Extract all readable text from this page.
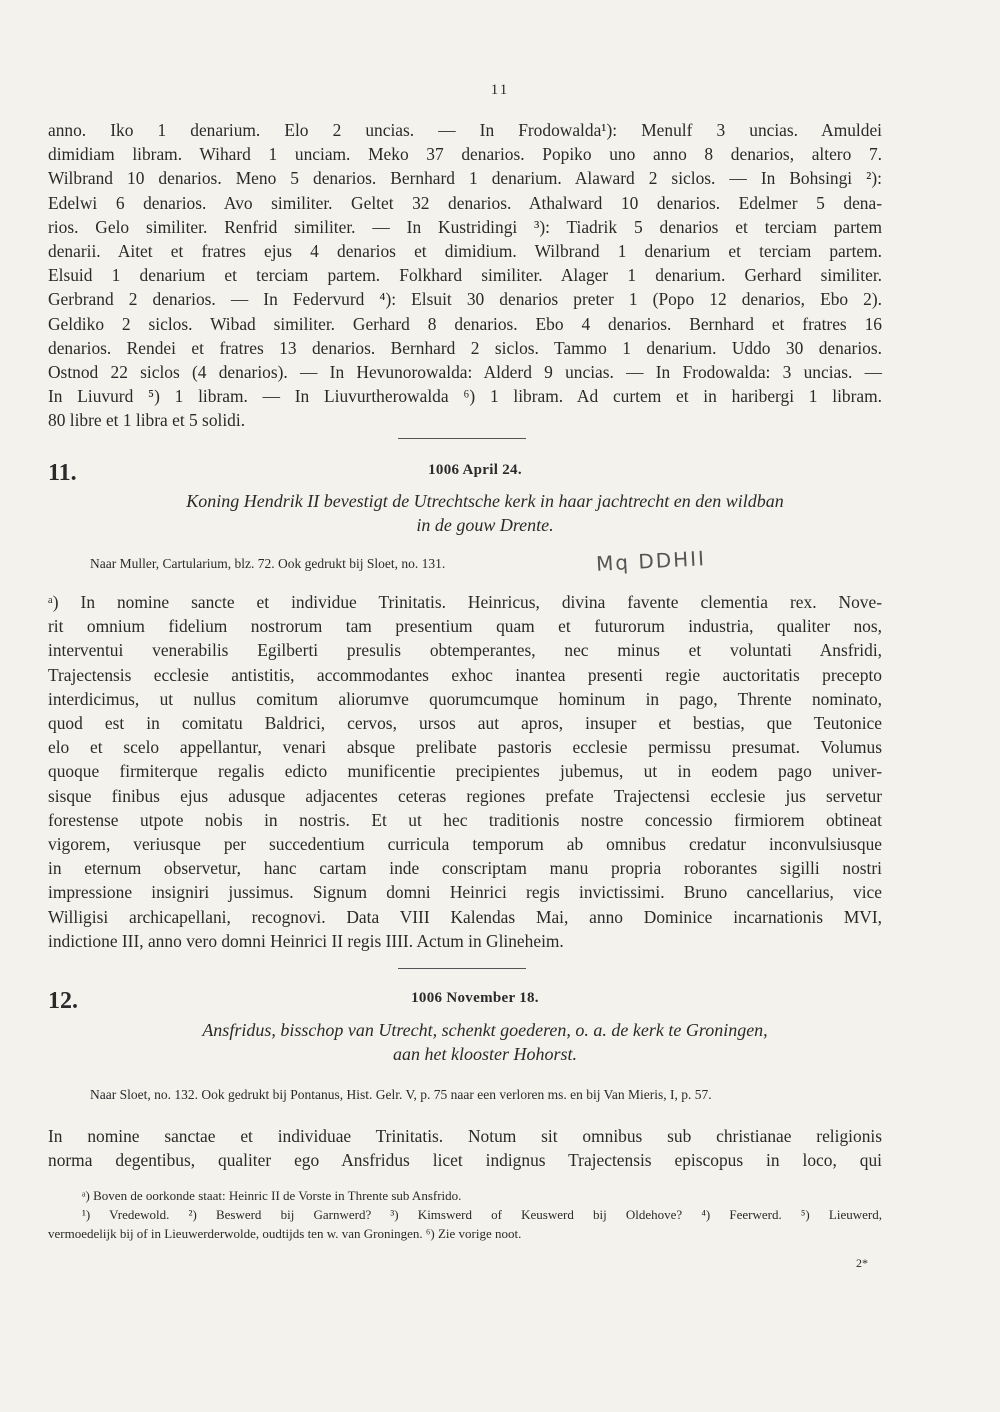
11
anno. Iko 1 denarium. Elo 2 uncias. — In Frodowalda¹): Menulf 3 uncias. Amuldei
dimidiam libram. Wihard 1 unciam. Meko 37 denarios. Popiko uno anno 8 denarios, altero 7.
Wilbrand 10 denarios. Meno 5 denarios. Bernhard 1 denarium. Alaward 2 siclos. — In Bohsingi ²):
Edelwi 6 denarios. Avo similiter. Geltet 32 denarios. Athalward 10 denarios. Edelmer 5 dena-
rios. Gelo similiter. Renfrid similiter. — In Kustridingi ³): Tiadrik 5 denarios et terciam partem
denarii. Aitet et fratres ejus 4 denarios et dimidium. Wilbrand 1 denarium et terciam partem.
Elsuid 1 denarium et terciam partem. Folkhard similiter. Alager 1 denarium. Gerhard similiter.
Gerbrand 2 denarios. — In Federvurd ⁴): Elsuit 30 denarios preter 1 (Popo 12 denarios, Ebo 2).
Geldiko 2 siclos. Wibad similiter. Gerhard 8 denarios. Ebo 4 denarios. Bernhard et fratres 16
denarios. Rendei et fratres 13 denarios. Bernhard 2 siclos. Tammo 1 denarium. Uddo 30 denarios.
Ostnod 22 siclos (4 denarios). — In Hevunorowalda: Alderd 9 uncias. — In Frodowalda: 3 uncias. —
In Liuvurd ⁵) 1 libram. — In Liuvurtherowalda ⁶) 1 libram. Ad curtem et in haribergi 1 libram.
80 libre et 1 libra et 5 solidi.
11.	1006 April 24.
Koning Hendrik II bevestigt de Utrechtsche kerk in haar jachtrecht en den wildban
in de gouw Drente.
Naar Muller, Cartularium, blz. 72. Ook gedrukt bij Sloet, no. 131.	Mq DDHII
ᵃ) In nomine sancte et individue Trinitatis. Heinricus, divina favente clementia rex. Nove-
rit omnium fidelium nostrorum tam presentium quam et futurorum industria, qualiter nos,
interventui venerabilis Egilberti presulis obtemperantes, nec minus et voluntati Ansfridi,
Trajectensis ecclesie antistitis, accommodantes exhoc inantea presenti regie auctoritatis precepto
interdicimus, ut nullus comitum aliorumve quorumcumque hominum in pago, Thrente nominato,
quod est in comitatu Baldrici, cervos, ursos aut apros, insuper et bestias, que Teutonice
elo et scelo appellantur, venari absque prelibate pastoris ecclesie permissu presumat. Volumus
quoque firmiterque regalis edicto munificentie precipientes jubemus, ut in eodem pago univer-
sisque finibus ejus adusque adjacentes ceteras regiones prefate Trajectensi ecclesie jus servetur
forestense utpote nobis in nostris. Et ut hec traditionis nostre concessio firmiorem obtineat
vigorem, veriusque per succedentium curricula temporum ab omnibus credatur inconvulsiusque
in eternum observetur, hanc cartam inde conscriptam manu propria roborantes sigilli nostri
impressione insigniri jussimus. Signum domni Heinrici regis invictissimi. Bruno cancellarius, vice
Willigisi archicapellani, recognovi. Data VIII Kalendas Mai, anno Dominice incarnationis MVI,
indictione III, anno vero domni Heinrici II regis IIII. Actum in Glineheim.
12.	1006 November 18.
Ansfridus, bisschop van Utrecht, schenkt goederen, o. a. de kerk te Groningen,
aan het klooster Hohorst.
Naar Sloet, no. 132. Ook gedrukt bij Pontanus, Hist. Gelr. V, p. 75 naar een verloren ms. en bij Van Mieris, I, p. 57.
In nomine sanctae et individuae Trinitatis. Notum sit omnibus sub christianae religionis
norma degentibus, qualiter ego Ansfridus licet indignus Trajectensis episcopus in loco, qui
ᵃ) Boven de oorkonde staat: Heinric II de Vorste in Thrente sub Ansfrido.
¹) Vredewold. ²) Beswerd bij Garnwerd? ³) Kimswerd of Keuswerd bij Oldehove? ⁴) Feerwerd. ⁵) Lieuwerd,
vermoedelijk bij of in Lieuwerderwolde, oudtijds ten w. van Groningen. ⁶) Zie vorige noot.
2*
